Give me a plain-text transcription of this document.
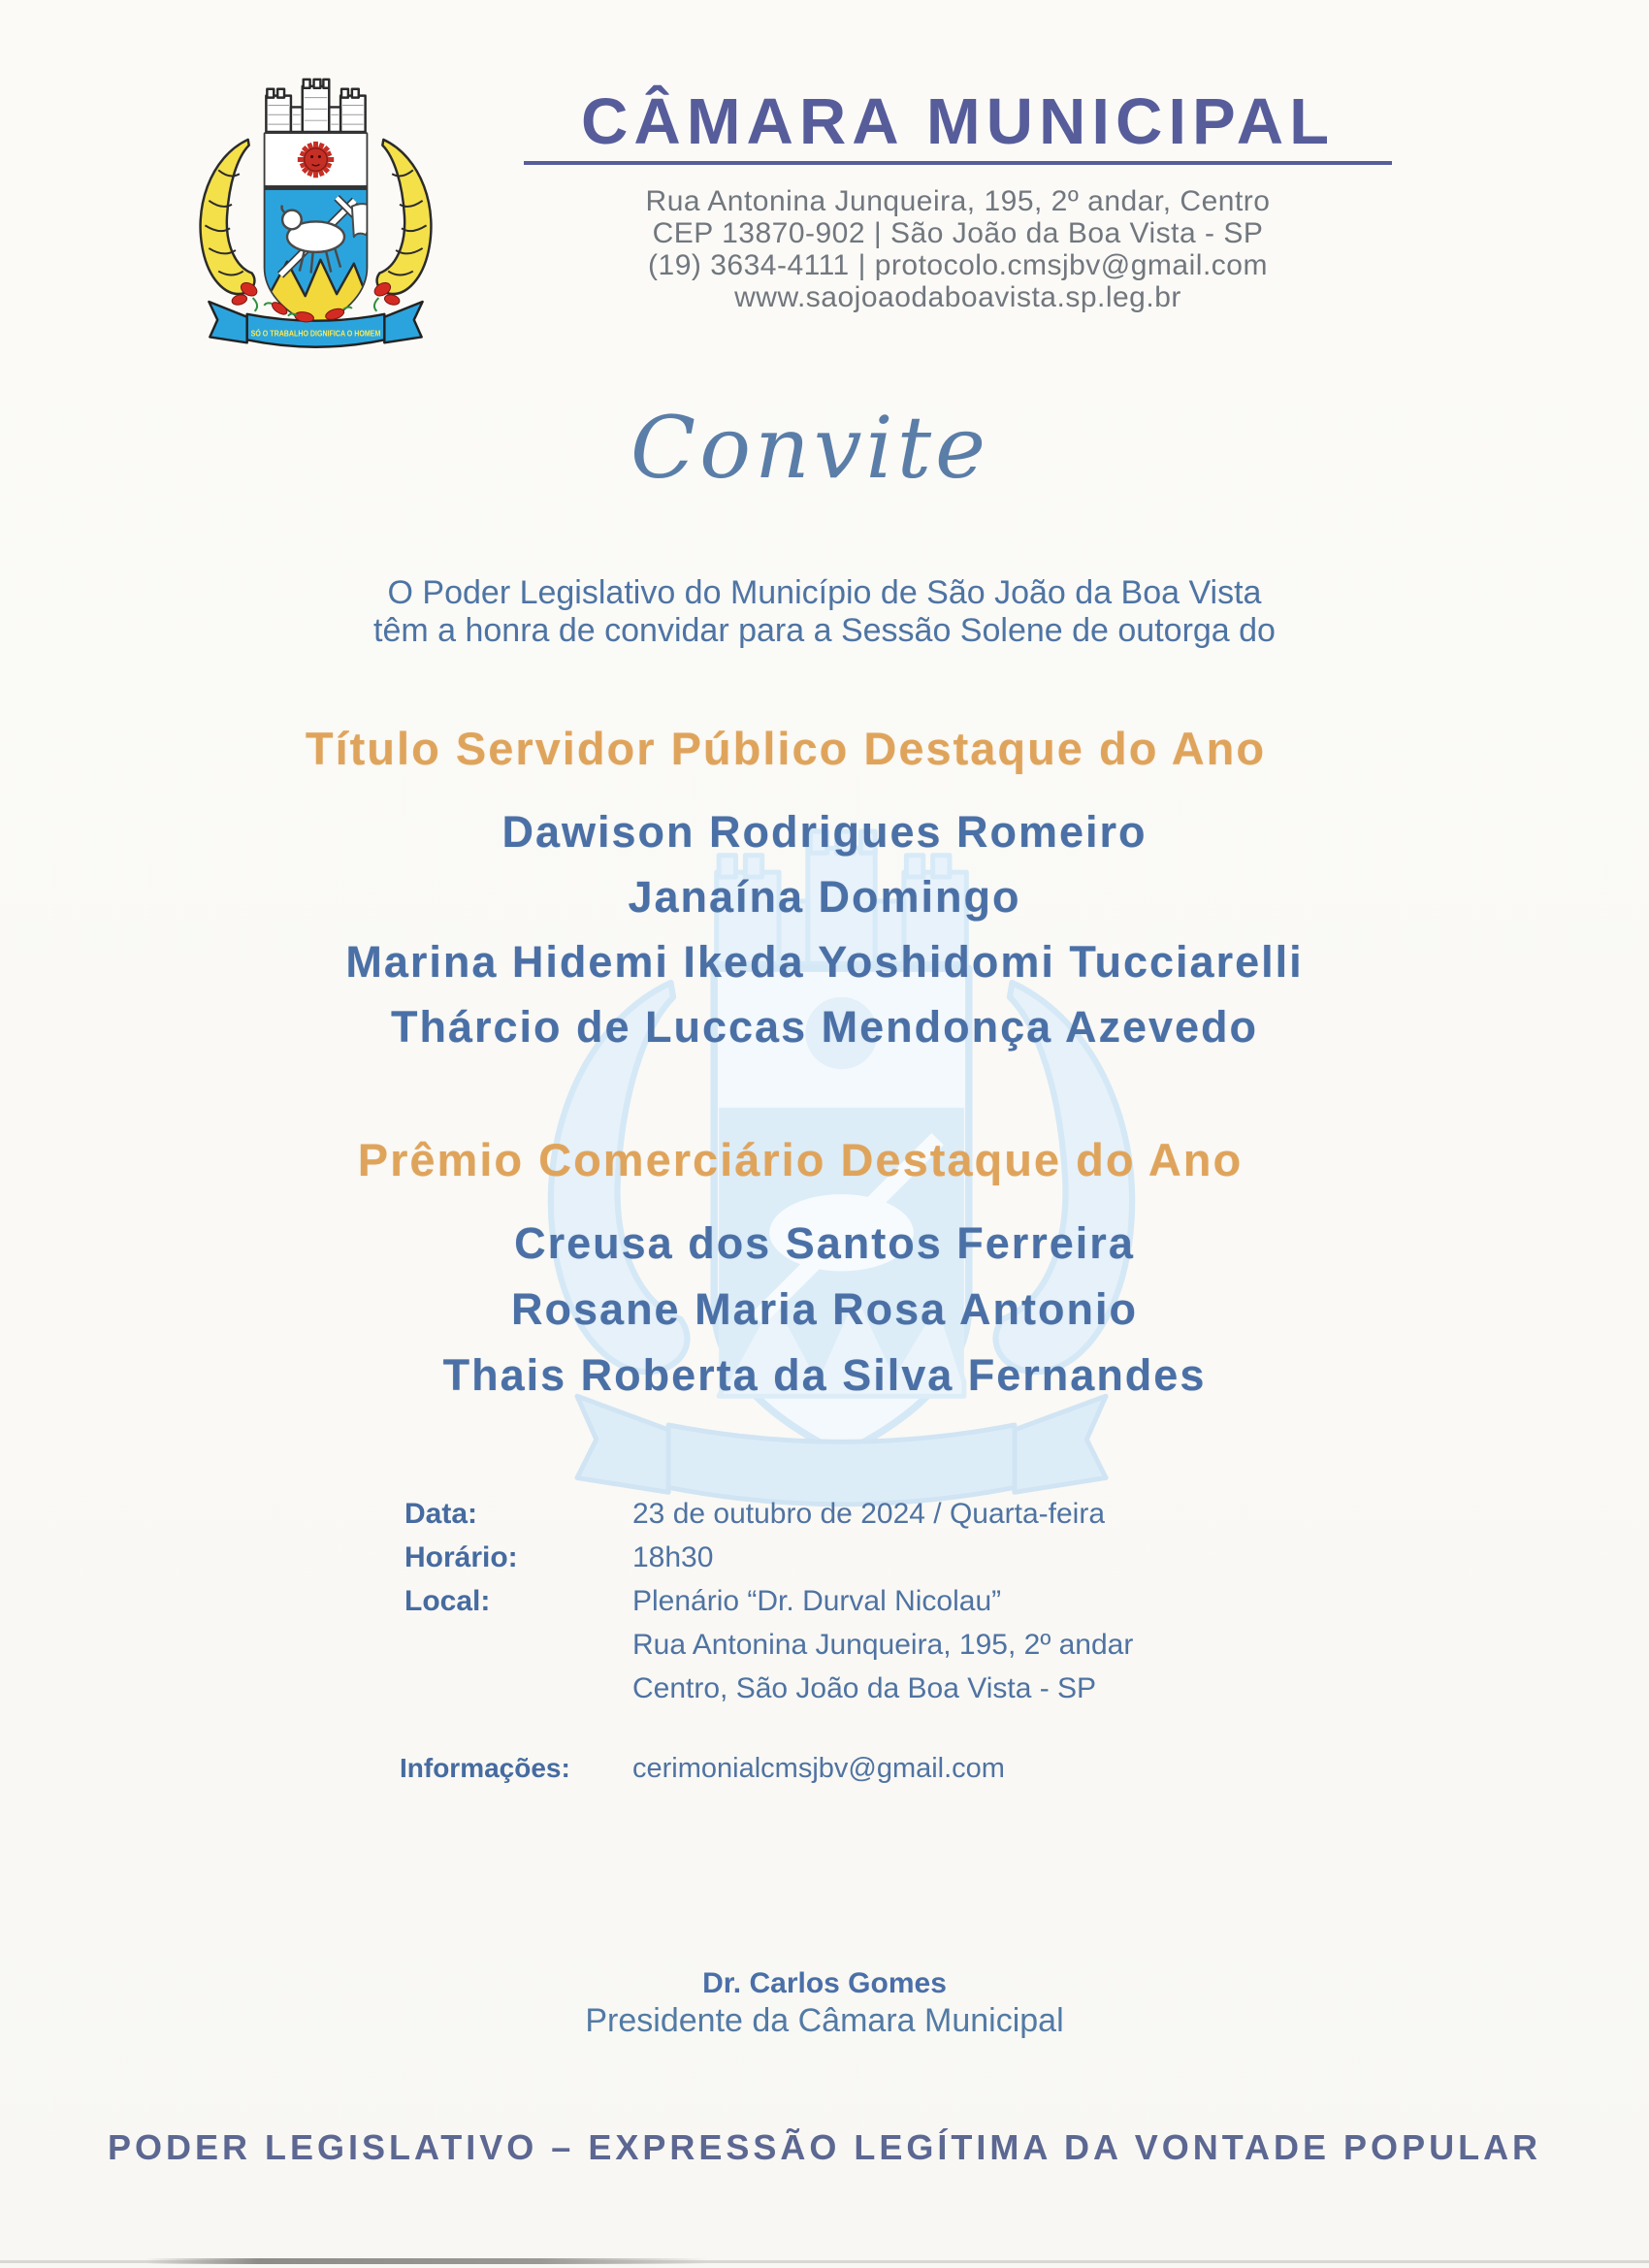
SÓ O TRABALHO DIGNIFICA O HOMEM
CÂMARA MUNICIPAL
Rua Antonina Junqueira, 195, 2º andar, Centro
CEP 13870-902 | São João da Boa Vista - SP
(19) 3634-4111 | protocolo.cmsjbv@gmail.com
www.saojoaodaboavista.sp.leg.br
Convite
O Poder Legislativo do Município de São João da Boa Vista
têm a honra de convidar para a Sessão Solene de outorga do
Título Servidor Público Destaque do Ano
Dawison Rodrigues Romeiro
Janaína Domingo
Marina Hidemi Ikeda Yoshidomi Tucciarelli
Thárcio de Luccas Mendonça Azevedo
Prêmio Comerciário Destaque do Ano
Creusa dos Santos Ferreira
Rosane Maria Rosa Antonio
Thais Roberta da Silva Fernandes
Data:	23 de outubro de 2024 / Quarta-feira
Horário:	18h30
Local:	Plenário “Dr. Durval Nicolau”
Rua Antonina Junqueira, 195, 2º andar
Centro, São João da Boa Vista - SP
Informações:	cerimonialcmsjbv@gmail.com
Dr. Carlos Gomes
Presidente da Câmara Municipal
PODER LEGISLATIVO – EXPRESSÃO LEGÍTIMA DA VONTADE POPULAR
